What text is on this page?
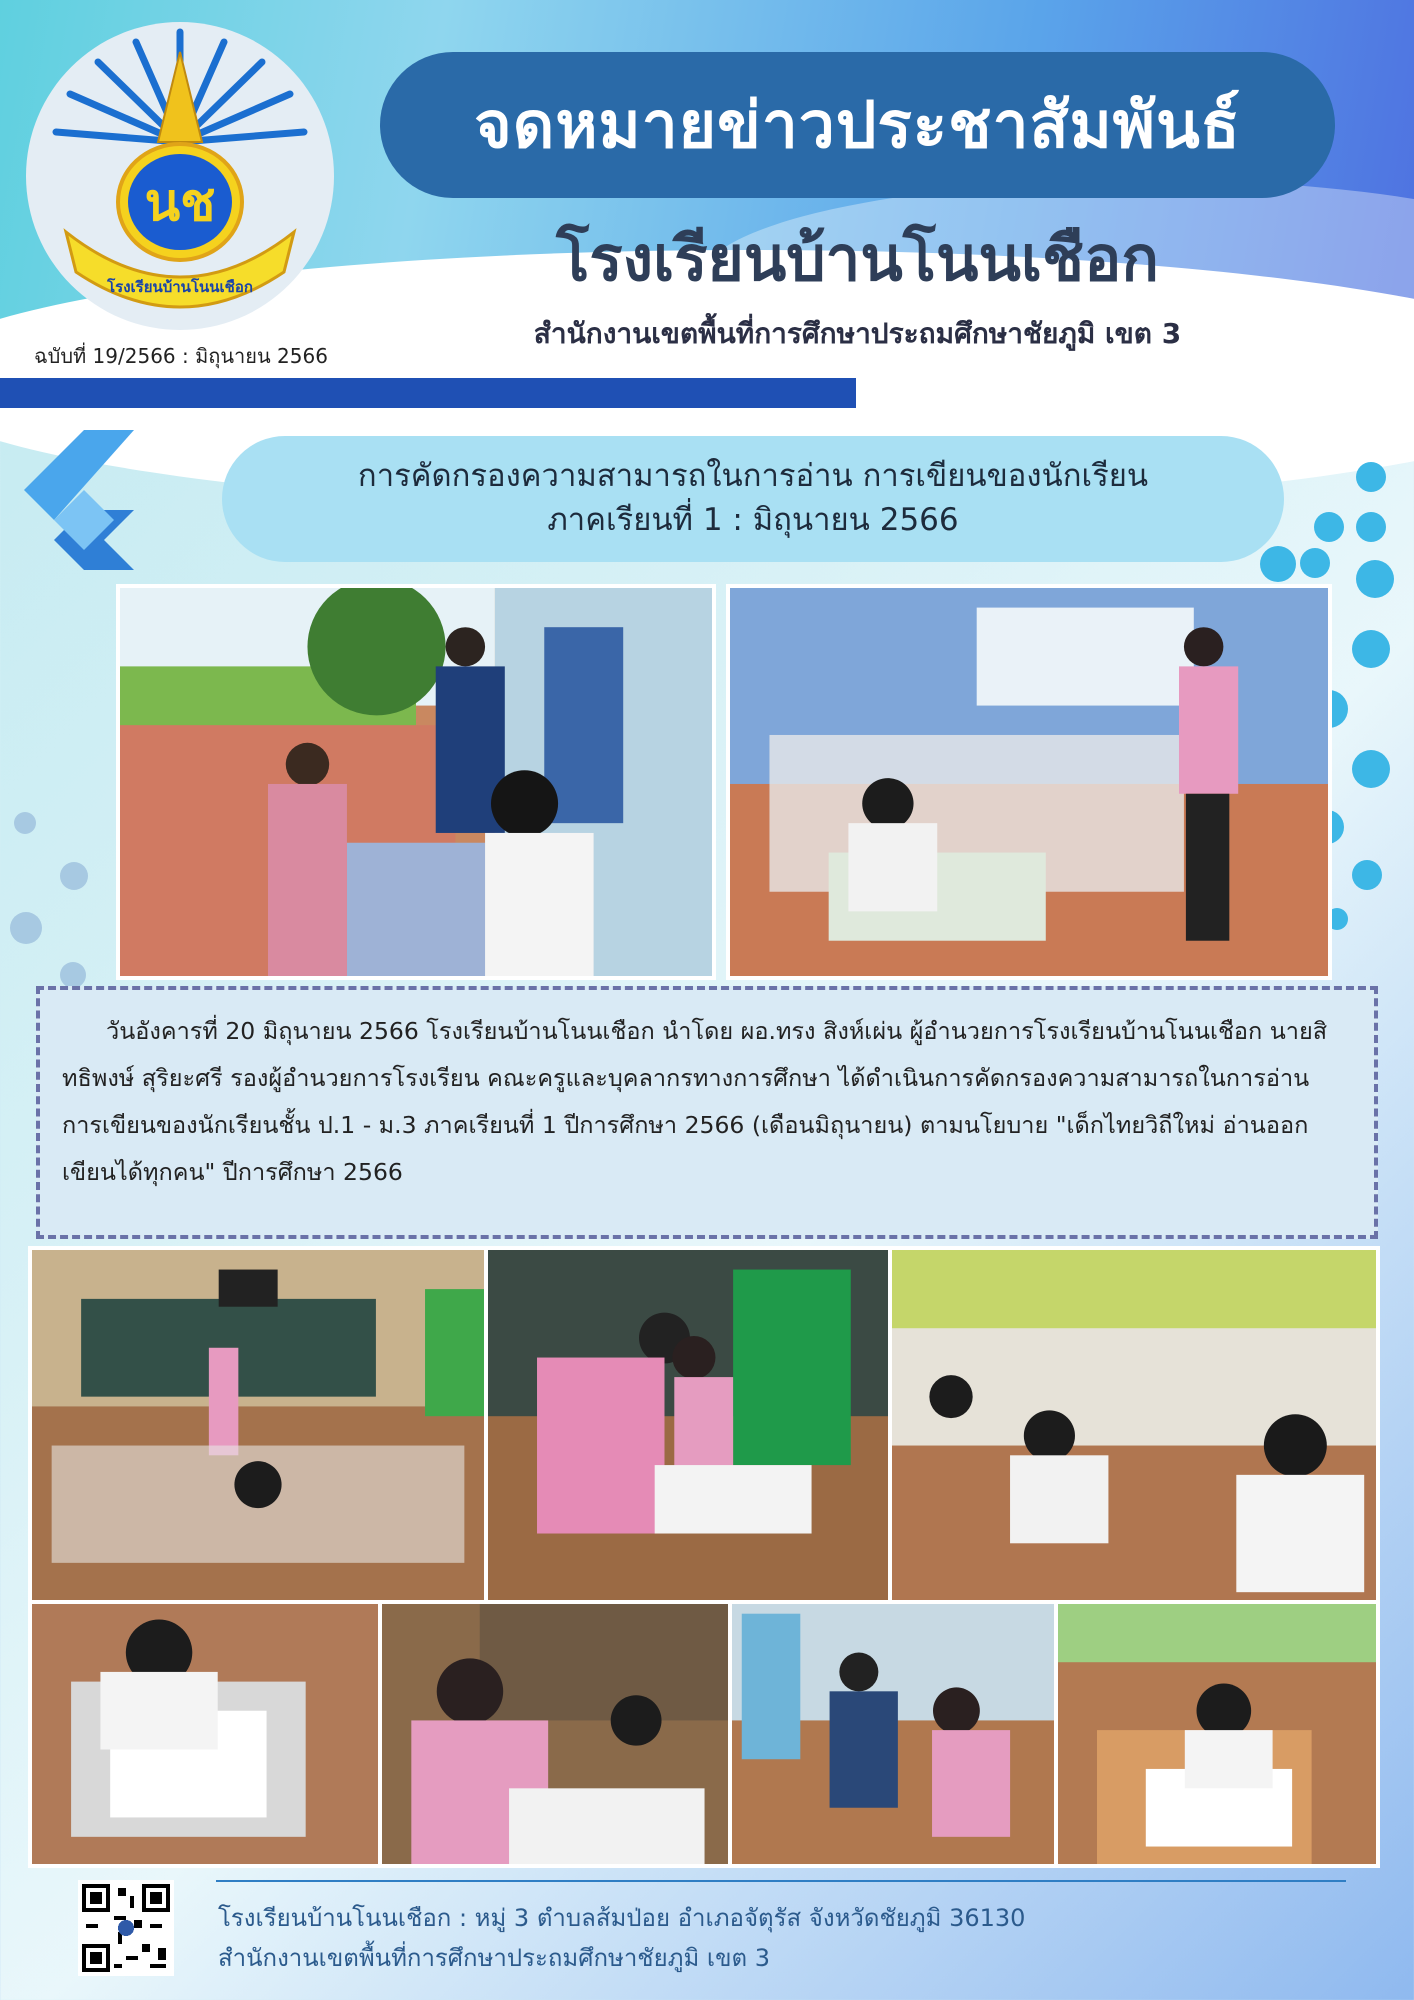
นช
โรงเรียนบ้านโนนเชือก
จดหมายข่าวประชาสัมพันธ์
โรงเรียนบ้านโนนเชือก
สำนักงานเขตพื้นที่การศึกษาประถมศึกษาชัยภูมิ เขต 3
ฉบับที่ 19/2566 : มิถุนายน 2566
การคัดกรองความสามารถในการอ่าน การเขียนของนักเรียน
ภาคเรียนที่ 1 : มิถุนายน 2566

วันอังคารที่ 20 มิถุนายน 2566 โรงเรียนบ้านโนนเชือก นำโดย ผอ.ทรง สิงห์เผ่น ผู้อำนวยการโรงเรียนบ้านโนนเชือก นายสิทธิพงษ์ สุริยะศรี รองผู้อำนวยการโรงเรียน คณะครูและบุคลากรทางการศึกษา ได้ดำเนินการคัดกรองความสามารถในการอ่าน การเขียนของนักเรียนชั้น ป.1 - ม.3 ภาคเรียนที่ 1 ปีการศึกษา 2566 (เดือนมิถุนายน) ตามนโยบาย "เด็กไทยวิถีใหม่ อ่านออก เขียนได้ทุกคน" ปีการศึกษา 2566

โรงเรียนบ้านโนนเชือก : หมู่ 3 ตำบลส้มป่อย อำเภอจัตุรัส จังหวัดชัยภูมิ 36130
สำนักงานเขตพื้นที่การศึกษาประถมศึกษาชัยภูมิ เขต 3
